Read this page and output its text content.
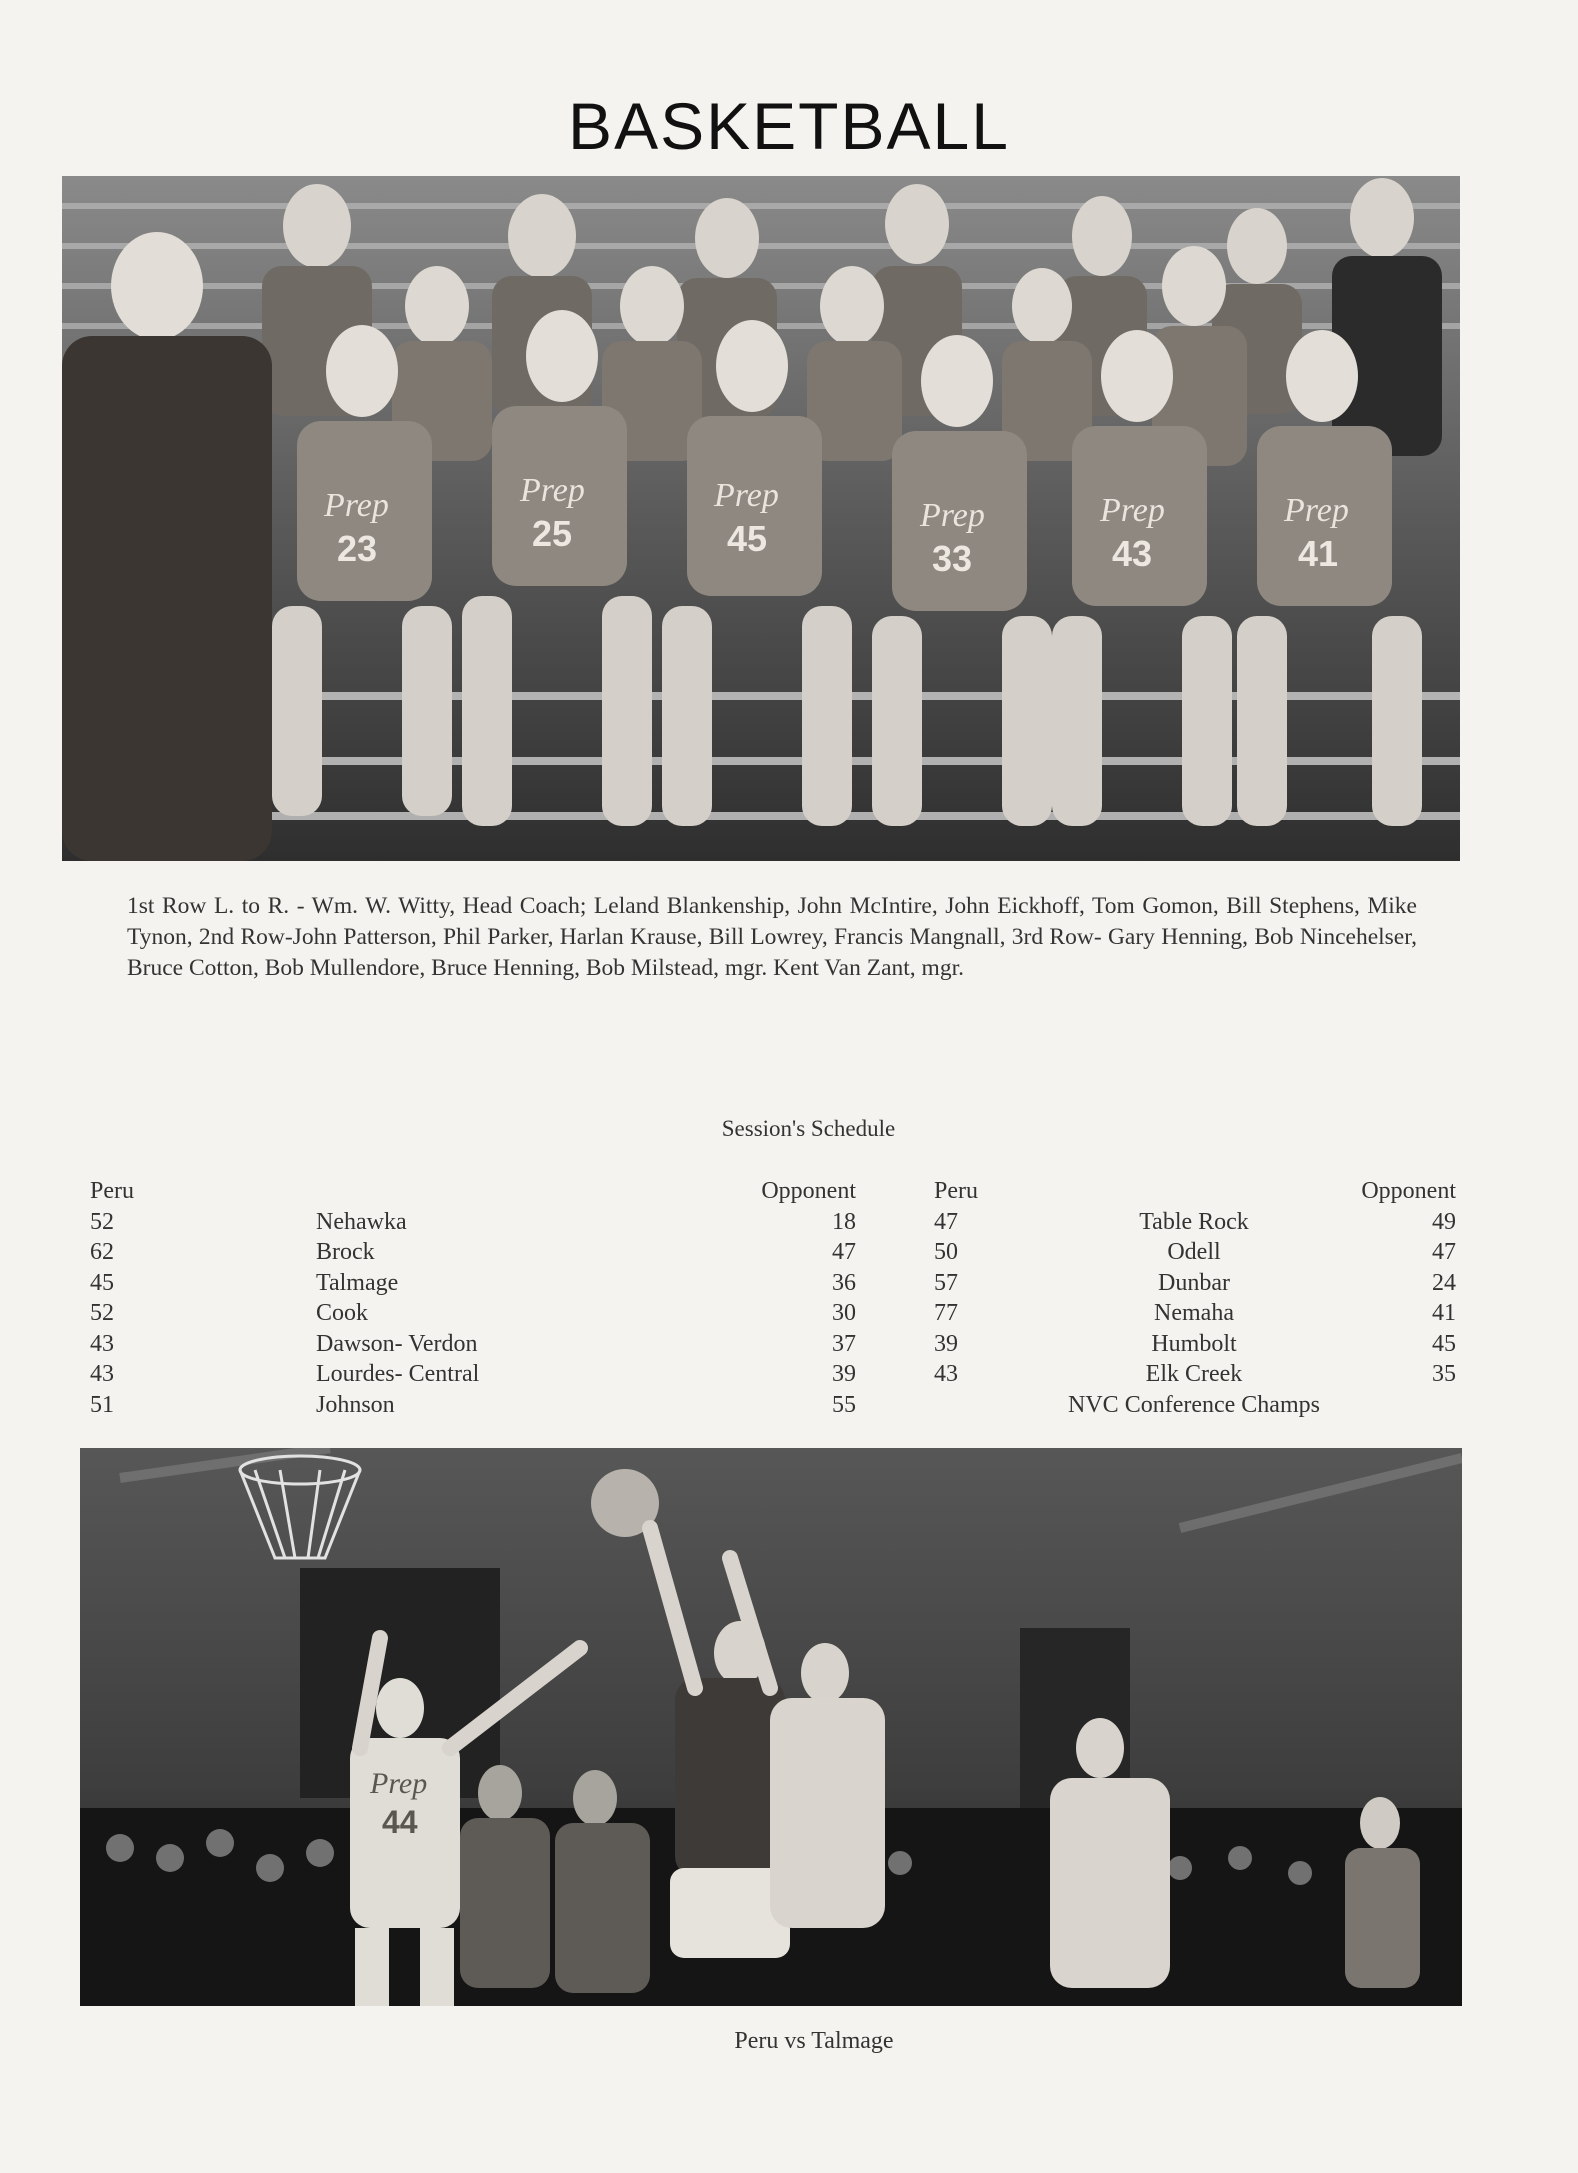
BASKETBALL
Prep	Prep	Prep
Prep	Prep	Prep
23	25	45	33	43	41
1st Row L. to R. - Wm. W. Witty, Head Coach; Leland Blankenship, John McIntire, John Eickhoff, Tom Gomon, Bill Stephens, Mike Tynon, 2nd Row-John Patterson, Phil Parker, Harlan Krause, Bill Lowrey, Francis Mangnall, 3rd Row- Gary Henning, Bob Nincehelser, Bruce Cotton, Bob Mullendore, Bruce Henning, Bob Milstead, mgr. Kent Van Zant, mgr.
Session's Schedule
Peru		Opponent	Peru		Opponent
52	Nehawka	18	47	Table Rock	49
62	Brock	47	50	Odell	47
45	Talmage	36	57	Dunbar	24
52	Cook	30	77	Nemaha	41
43	Dawson- Verdon	37	39	Humbolt	45
43	Lourdes- Central	39	43	Elk Creek	35
51	Johnson	55		NVC Conference Champs	
Prep
44
Peru vs Talmage
